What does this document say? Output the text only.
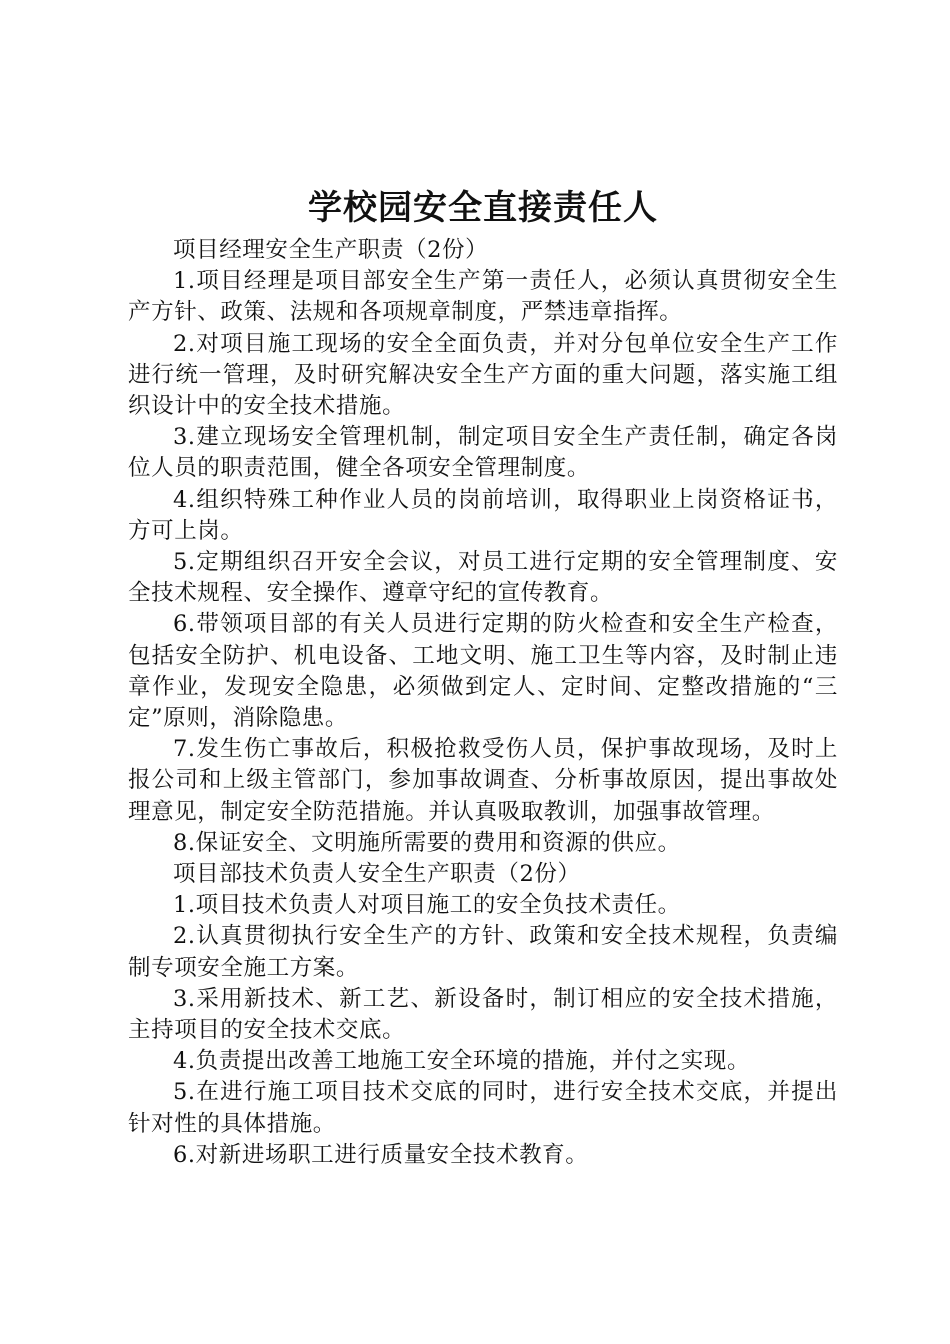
学校园安全直接责任人

项目经理安全生产职责（2份）

1.项目经理是项目部安全生产第一责任人，必须认真贯彻安全生产方针、政策、法规和各项规章制度，严禁违章指挥。

2.对项目施工现场的安全全面负责，并对分包单位安全生产工作进行统一管理，及时研究解决安全生产方面的重大问题，落实施工组织设计中的安全技术措施。

3.建立现场安全管理机制，制定项目安全生产责任制，确定各岗位人员的职责范围，健全各项安全管理制度。

4.组织特殊工种作业人员的岗前培训，取得职业上岗资格证书，方可上岗。

5.定期组织召开安全会议，对员工进行定期的安全管理制度、安全技术规程、安全操作、遵章守纪的宣传教育。

6.带领项目部的有关人员进行定期的防火检查和安全生产检查，包括安全防护、机电设备、工地文明、施工卫生等内容，及时制止违章作业，发现安全隐患，必须做到定人、定时间、定整改措施的“三定”原则，消除隐患。

7.发生伤亡事故后，积极抢救受伤人员，保护事故现场，及时上报公司和上级主管部门，参加事故调查、分析事故原因，提出事故处理意见，制定安全防范措施。并认真吸取教训，加强事故管理。

8.保证安全、文明施所需要的费用和资源的供应。

项目部技术负责人安全生产职责（2份）

1.项目技术负责人对项目施工的安全负技术责任。

2.认真贯彻执行安全生产的方针、政策和安全技术规程，负责编制专项安全施工方案。

3.采用新技术、新工艺、新设备时，制订相应的安全技术措施，主持项目的安全技术交底。

4.负责提出改善工地施工安全环境的措施，并付之实现。

5.在进行施工项目技术交底的同时，进行安全技术交底，并提出针对性的具体措施。

6.对新进场职工进行质量安全技术教育。
